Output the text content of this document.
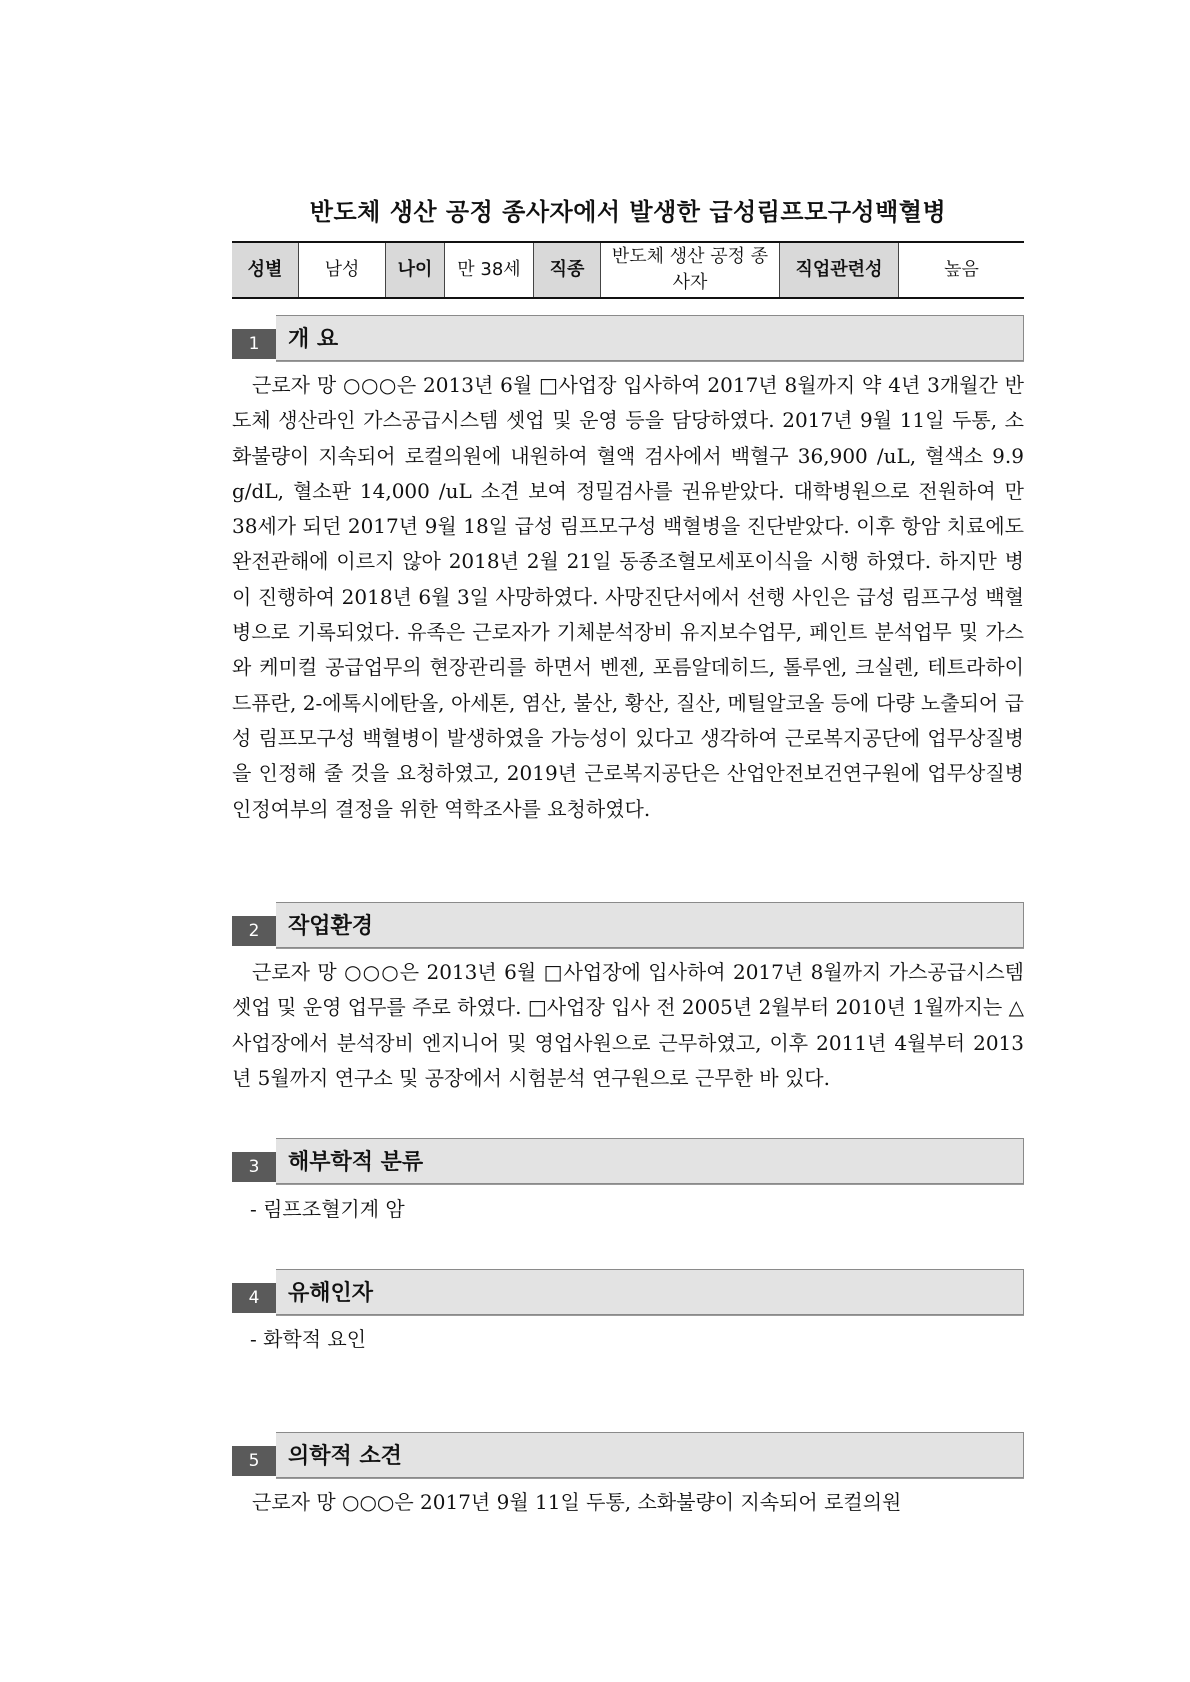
반도체 생산 공정 종사자에서 발생한 급성림프모구성백혈병
성별	남성	나이	만 38세	직종	반도체 생산 공정 종사자	직업관련성	높음
1	개 요

근로자 망 ○○○은 2013년 6월 □사업장 입사하여 2017년 8월까지 약 4년 3개월간 반도체 생산라인 가스공급시스템 셋업 및 운영 등을 담당하였다. 2017년 9월 11일 두통, 소화불량이 지속되어 로컬의원에 내원하여 혈액 검사에서 백혈구 36,900 /uL, 혈색소 9.9 g/dL, 혈소판 14,000 /uL 소견 보여 정밀검사를 권유받았다. 대학병원으로 전원하여 만 38세가 되던 2017년 9월 18일 급성 림프모구성 백혈병을 진단받았다. 이후 항암 치료에도 완전관해에 이르지 않아 2018년 2월 21일 동종조혈모세포이식을 시행 하였다. 하지만 병이 진행하여 2018년 6월 3일 사망하였다. 사망진단서에서 선행 사인은 급성 림프구성 백혈병으로 기록되었다. 유족은 근로자가 기체분석장비 유지보수업무, 페인트 분석업무 및 가스와 케미컬 공급업무의 현장관리를 하면서 벤젠, 포름알데히드, 톨루엔, 크실렌, 테트라하이 드퓨란, 2-에톡시에탄올, 아세톤, 염산, 불산, 황산, 질산, 메틸알코올 등에 다량 노출되어 급성 림프모구성 백혈병이 발생하였을 가능성이 있다고 생각하여 근로복지공단에 업무상질병을 인정해 줄 것을 요청하였고, 2019년 근로복지공단은 산업안전보건연구원에 업무상질병 인정여부의 결정을 위한 역학조사를 요청하였다.

2	작업환경

근로자 망 ○○○은 2013년 6월 □사업장에 입사하여 2017년 8월까지 가스공급시스템 셋업 및 운영 업무를 주로 하였다. □사업장 입사 전 2005년 2월부터 2010년 1월까지는 △사업장에서 분석장비 엔지니어 및 영업사원으로 근무하였고, 이후 2011년 4월부터 2013년 5월까지 연구소 및 공장에서 시험분석 연구원으로 근무한 바 있다.

3	해부학적 분류
- 림프조혈기계 암
4	유해인자
- 화학적 요인
5	의학적 소견

근로자 망 ○○○은 2017년 9월 11일 두통, 소화불량이 지속되어 로컬의원
